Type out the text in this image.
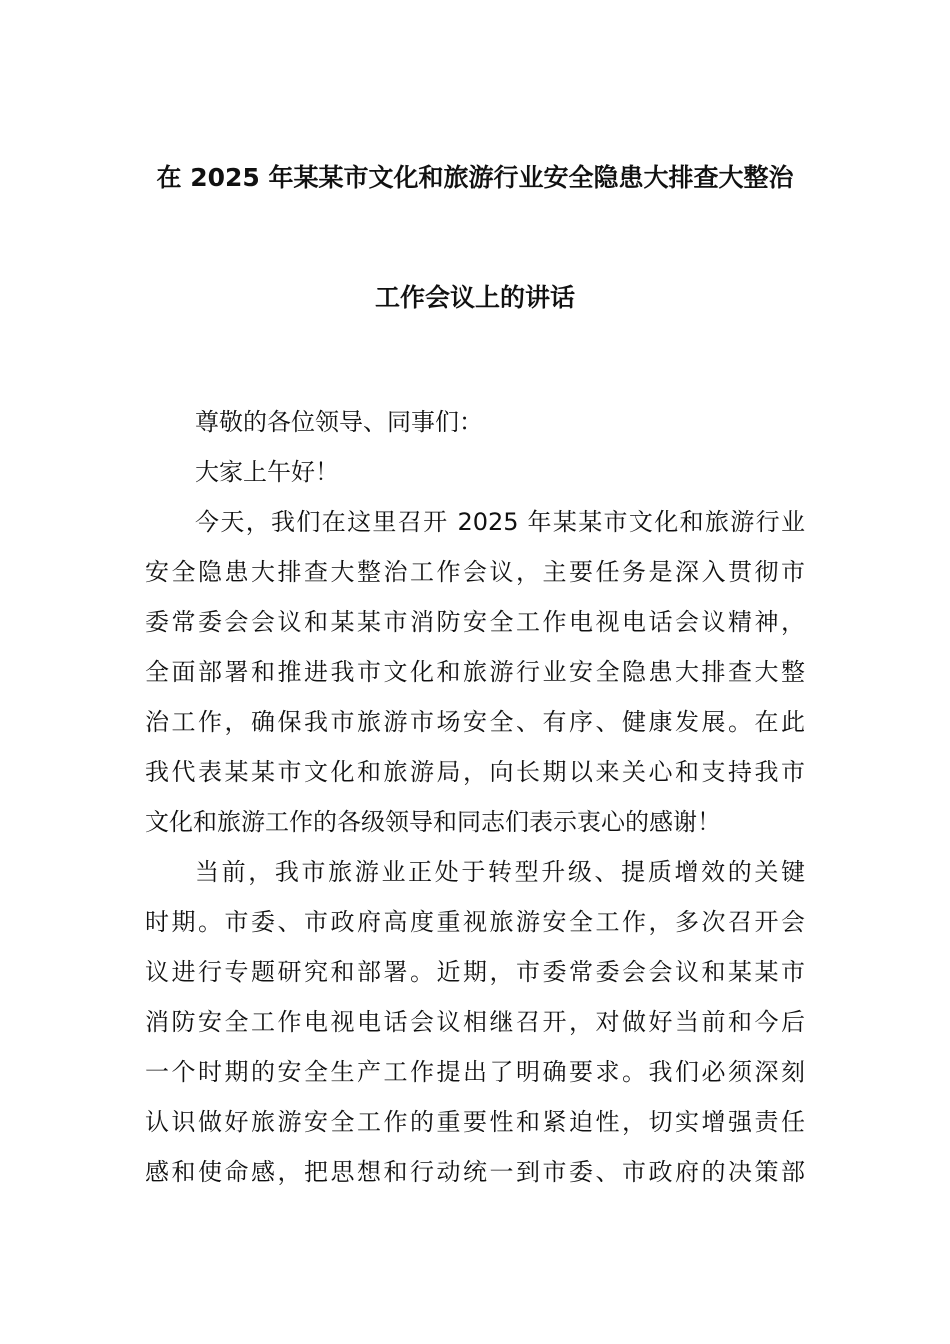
在 2025 年某某市文化和旅游行业安全隐患大排查大整治
工作会议上的讲话
尊敬的各位领导、同事们：
大家上午好！
今天，我们在这里召开 2025 年某某市文化和旅游行业
安全隐患大排查大整治工作会议，主要任务是深入贯彻市
委常委会会议和某某市消防安全工作电视电话会议精神，
全面部署和推进我市文化和旅游行业安全隐患大排查大整
治工作，确保我市旅游市场安全、有序、健康发展。在此
我代表某某市文化和旅游局，向长期以来关心和支持我市
文化和旅游工作的各级领导和同志们表示衷心的感谢！
当前，我市旅游业正处于转型升级、提质增效的关键
时期。市委、市政府高度重视旅游安全工作，多次召开会
议进行专题研究和部署。近期，市委常委会会议和某某市
消防安全工作电视电话会议相继召开，对做好当前和今后
一个时期的安全生产工作提出了明确要求。我们必须深刻
认识做好旅游安全工作的重要性和紧迫性，切实增强责任
感和使命感，把思想和行动统一到市委、市政府的决策部
